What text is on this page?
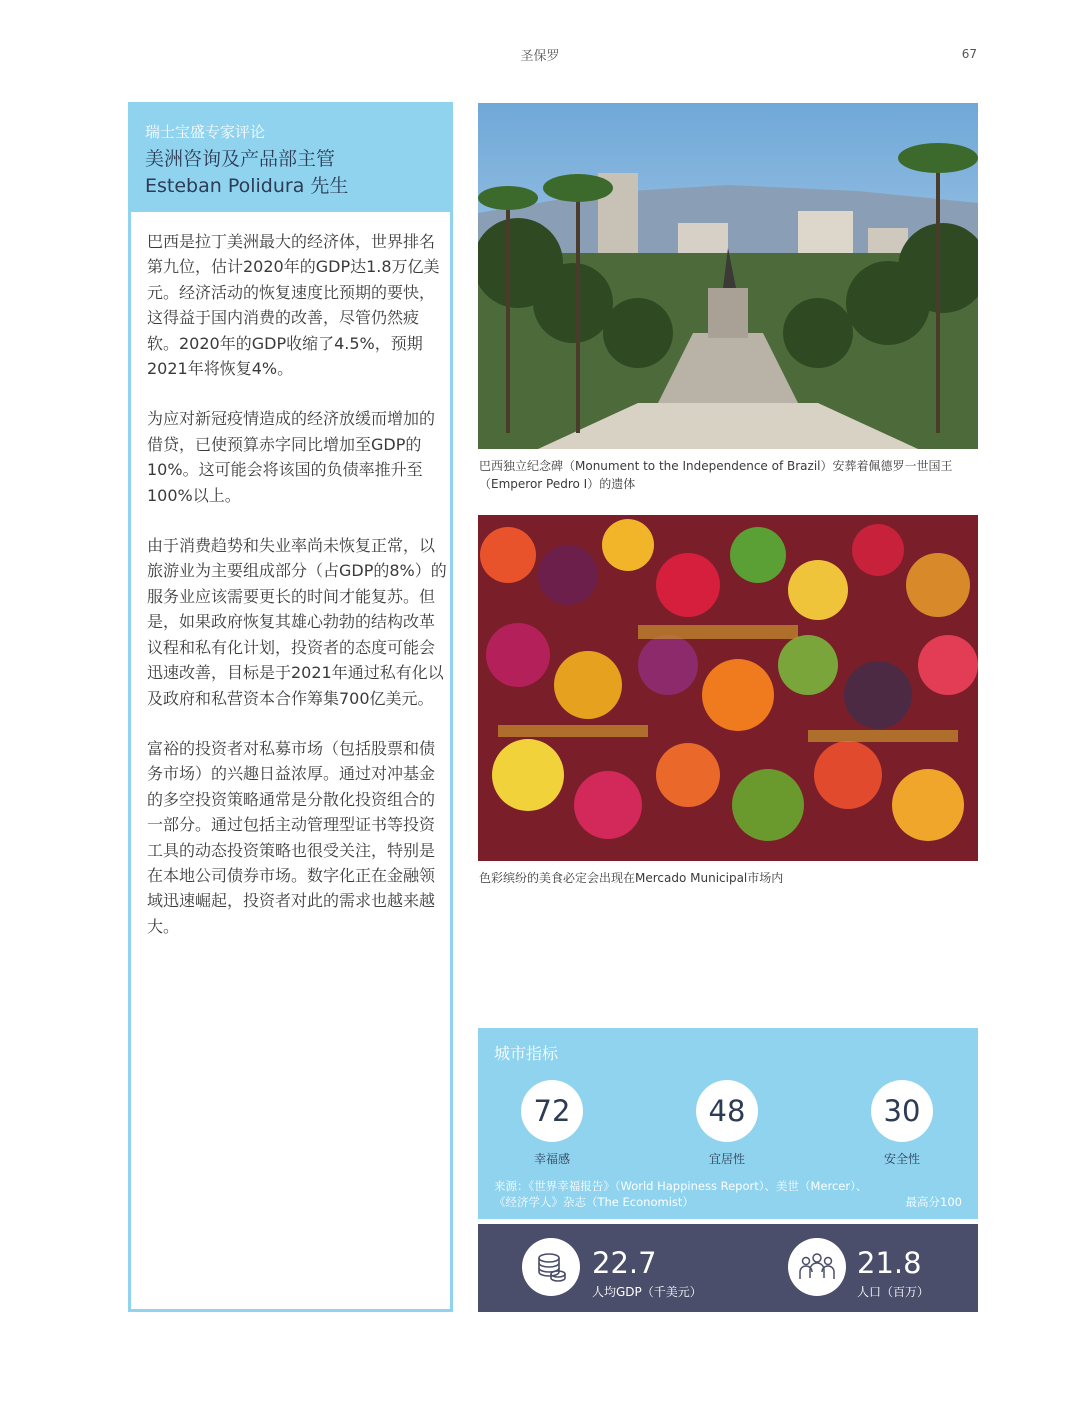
圣保罗	67
瑞士宝盛专家评论
美洲咨询及产品部主管
Esteban Polidura 先生

巴西是拉丁美洲最大的经济体，世界排名第九位，估计2020年的GDP达1.8万亿美元。经济活动的恢复速度比预期的要快，这得益于国内消费的改善，尽管仍然疲软。2020年的GDP收缩了4.5%，预期2021年将恢复4%。

为应对新冠疫情造成的经济放缓而增加的借贷，已使预算赤字同比增加至GDP的10%。这可能会将该国的负债率推升至100%以上。

由于消费趋势和失业率尚未恢复正常，以旅游业为主要组成部分（占GDP的8%）的服务业应该需要更长的时间才能复苏。但是，如果政府恢复其雄心勃勃的结构改革议程和私有化计划，投资者的态度可能会迅速改善，目标是于2021年通过私有化以及政府和私营资本合作筹集700亿美元。

富裕的投资者对私募市场（包括股票和债务市场）的兴趣日益浓厚。通过对冲基金的多空投资策略通常是分散化投资组合的一部分。通过包括主动管理型证书等投资工具的动态投资策略也很受关注，特别是在本地公司债券市场。数字化正在金融领域迅速崛起，投资者对此的需求也越来越大。

巴西独立纪念碑（Monument to the Independence of Brazil）安葬着佩德罗一世国王（Emperor Pedro I）的遗体
色彩缤纷的美食必定会出现在Mercado Municipal市场内
城市指标
72
幸福感
48
宜居性
30
安全性
来源：《世界幸福报告》（World Happiness Report）、美世（Mercer）、《经济学人》杂志（The Economist）	最高分100
22.7
人均GDP（千美元）
21.8
人口（百万）
